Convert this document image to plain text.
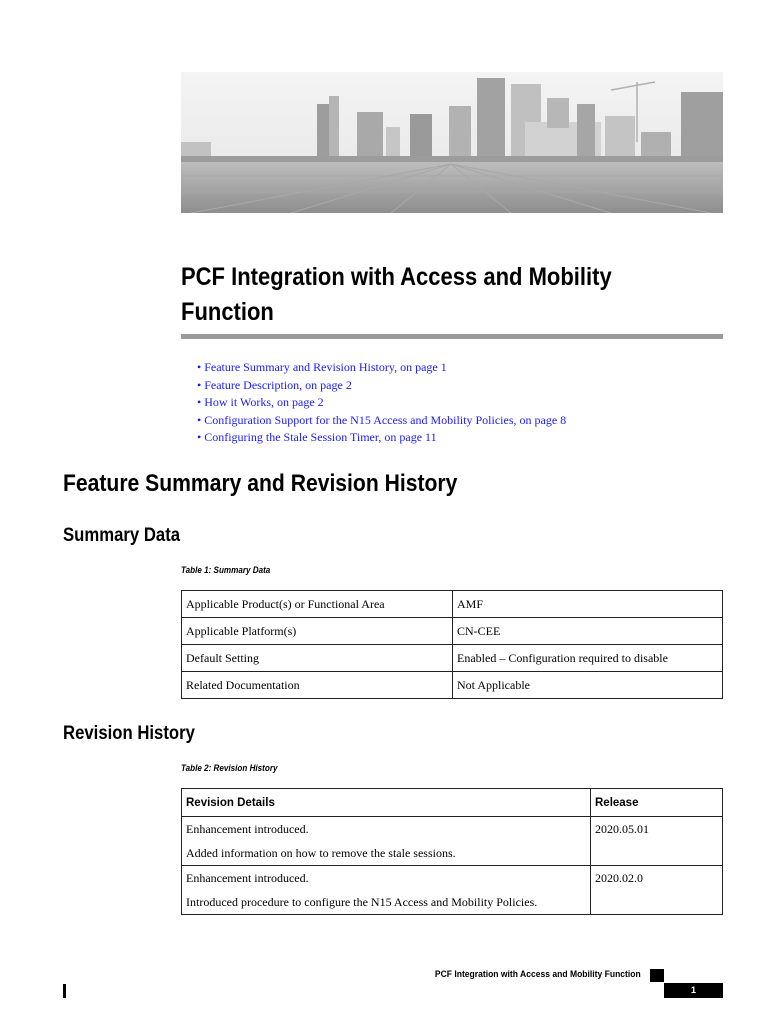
PCF Integration with Access and Mobility
Function
• Feature Summary and Revision History, on page 1
• Feature Description, on page 2
• How it Works, on page 2
• Configuration Support for the N15 Access and Mobility Policies, on page 8
• Configuring the Stale Session Timer, on page 11
Feature Summary and Revision History
Summary Data

Table 1: Summary Data

Applicable Product(s) or Functional Area	AMF
Applicable Platform(s)	CN-CEE
Default Setting	Enabled – Configuration required to disable
Related Documentation	Not Applicable
Revision History

Table 2: Revision History

Revision Details	Release

Enhancement introduced.

Added information on how to remove the stale sessions.	2020.05.01

Enhancement introduced.

Introduced procedure to configure the N15 Access and Mobility Policies.	2020.02.0

PCF Integration with Access and Mobility Function
1
